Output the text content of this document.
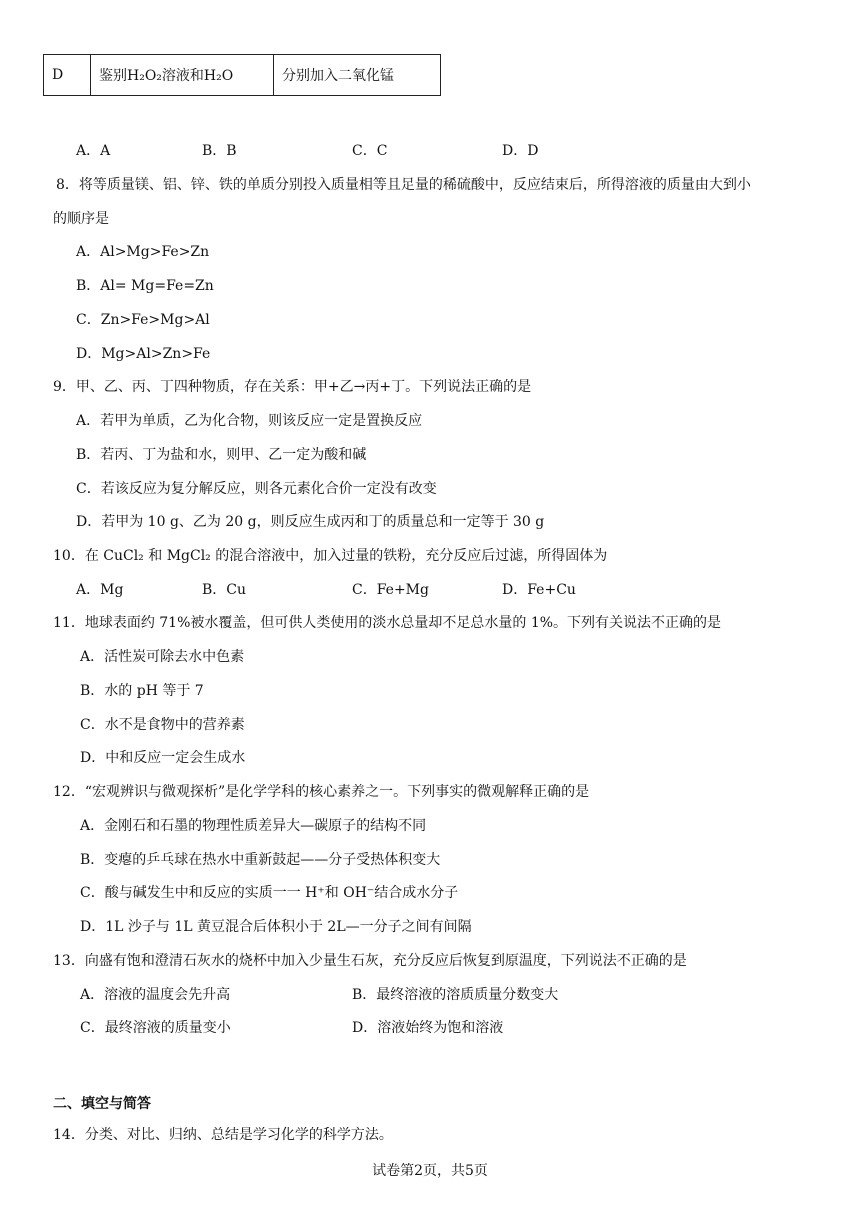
D	鉴别H₂O₂溶液和H₂O	分别加入二氧化锰
A．A	B．B	C．C	D．D
8．将等质量镁、铝、锌、铁的单质分别投入质量相等且足量的稀硫酸中，反应结束后，所得溶液的质量由大到小
的顺序是
A．Al>Mg>Fe>Zn
B．Al= Mg=Fe=Zn
C．Zn>Fe>Mg>Al
D．Mg>Al>Zn>Fe
9．甲、乙、丙、丁四种物质，存在关系：甲+乙→丙+丁。下列说法正确的是
A．若甲为单质，乙为化合物，则该反应一定是置换反应
B．若丙、丁为盐和水，则甲、乙一定为酸和碱
C．若该反应为复分解反应，则各元素化合价一定没有改变
D．若甲为 10 g、乙为 20 g，则反应生成丙和丁的质量总和一定等于 30 g
10．在 CuCl₂ 和 MgCl₂ 的混合溶液中，加入过量的铁粉，充分反应后过滤，所得固体为
A．Mg	B．Cu	C．Fe+Mg	D．Fe+Cu
11．地球表面约 71%被水覆盖，但可供人类使用的淡水总量却不足总水量的 1%。下列有关说法不正确的是
A．活性炭可除去水中色素
B．水的 pH 等于 7
C．水不是食物中的营养素
D．中和反应一定会生成水
12．“宏观辨识与微观探析”是化学学科的核心素养之一。下列事实的微观解释正确的是
A．金刚石和石墨的物理性质差异大—碳原子的结构不同
B．变瘪的乒乓球在热水中重新鼓起——分子受热体积变大
C．酸与碱发生中和反应的实质一一 H⁺和 OH⁻结合成水分子
D．1L 沙子与 1L 黄豆混合后体积小于 2L—一分子之间有间隔
13．向盛有饱和澄清石灰水的烧杯中加入少量生石灰，充分反应后恢复到原温度，下列说法不正确的是
A．溶液的温度会先升高	B．最终溶液的溶质质量分数变大
C．最终溶液的质量变小	D．溶液始终为饱和溶液
二、填空与简答
14．分类、对比、归纳、总结是学习化学的科学方法。
试卷第2页，共5页
